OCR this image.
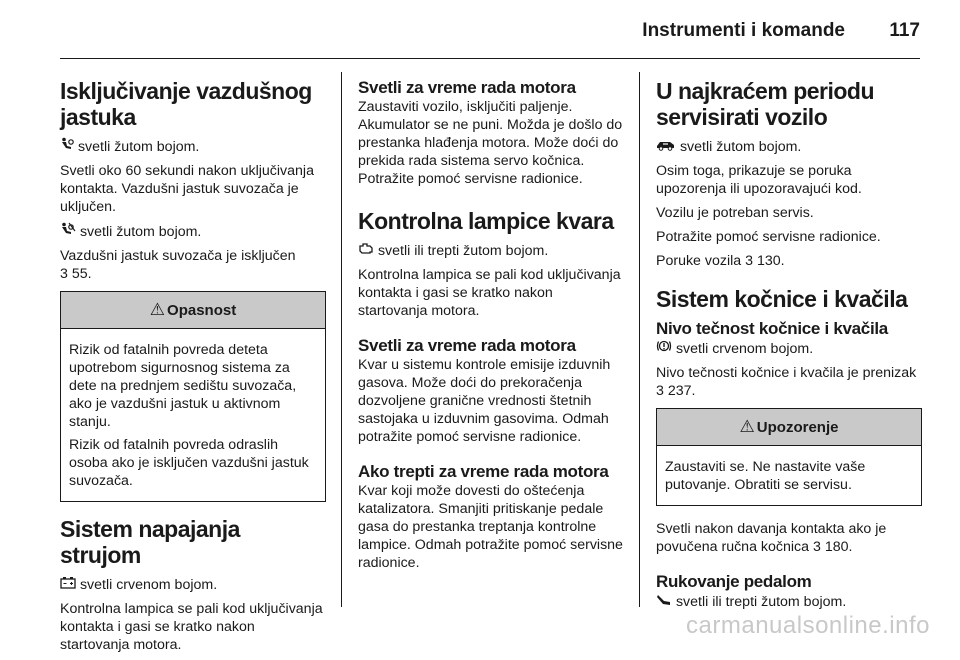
Instrumenti i komande 117
Isključivanje vazdušnog jastuka

svetli žutom bojom.

Svetli oko 60 sekundi nakon uključivanja kontakta. Vazdušni jastuk suvozača je uključen.

svetli žutom bojom.

Vazdušni jastuk suvozača je isključen
3 55.

⚠ Opasnost

Rizik od fatalnih povreda deteta upotrebom sigurnosnog sistema za dete na prednjem sedištu suvozača, ako je vazdušni jastuk u aktivnom stanju.

Rizik od fatalnih povreda odraslih osoba ako je isključen vazdušni jastuk suvozača.

Sistem napajanja strujom

svetli crvenom bojom.

Kontrolna lampica se pali kod uključivanja kontakta i gasi se kratko nakon startovanja motora.

Svetli za vreme rada motora

Zaustaviti vozilo, isključiti paljenje. Akumulator se ne puni. Možda je došlo do prestanka hlađenja motora. Može doći do prekida rada sistema servo kočnica. Potražite pomoć servisne radionice.

Kontrolna lampice kvara

svetli ili trepti žutom bojom.

Kontrolna lampica se pali kod uključivanja kontakta i gasi se kratko nakon startovanja motora.

Svetli za vreme rada motora

Kvar u sistemu kontrole emisije izduvnih gasova. Može doći do prekoračenja dozvoljene granične vrednosti štetnih sastojaka u izduvnim gasovima. Odmah potražite pomoć servisne radionice.

Ako trepti za vreme rada motora

Kvar koji može dovesti do oštećenja katalizatora. Smanjiti pritiskanje pedale gasa do prestanka treptanja kontrolne lampice. Odmah potražite pomoć servisne radionice.

U najkraćem periodu servisirati vozilo

svetli žutom bojom.

Osim toga, prikazuje se poruka upozorenja ili upozoravajući kod.

Vozilu je potreban servis.

Potražite pomoć servisne radionice.

Poruke vozila 3 130.

Sistem kočnice i kvačila
Nivo tečnost kočnice i kvačila

svetli crvenom bojom.

Nivo tečnosti kočnice i kvačila je prenizak 3 237.

⚠ Upozorenje

Zaustaviti se. Ne nastavite vaše putovanje. Obratiti se servisu.

Svetli nakon davanja kontakta ako je povučena ručna kočnica 3 180.

Rukovanje pedalom

svetli ili trepti žutom bojom.

carmanualsonline.info
